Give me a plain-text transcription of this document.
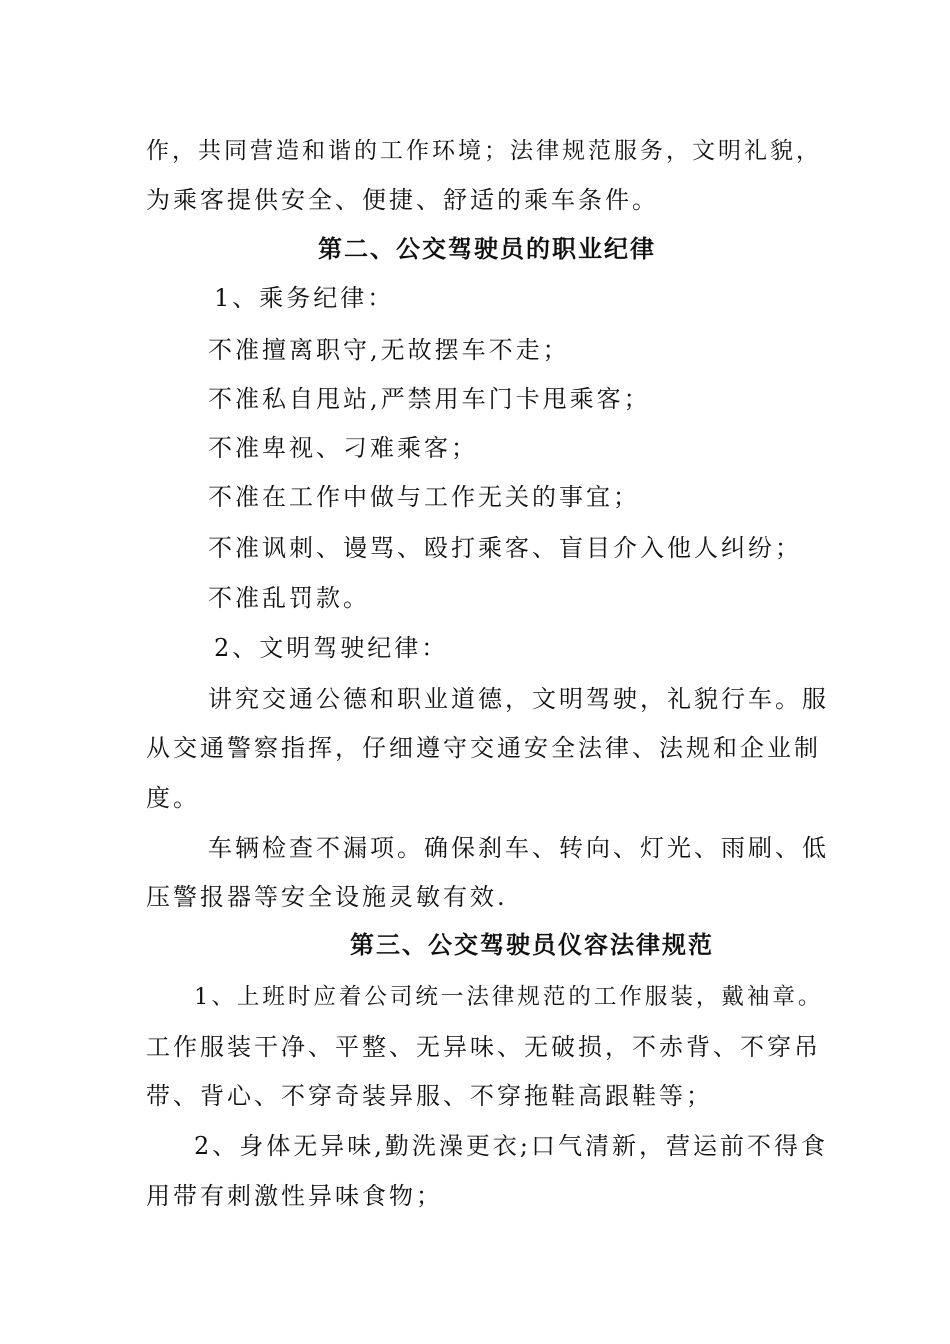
作，共同营造和谐的工作环境；法律规范服务，文明礼貌，
为乘客提供安全、便捷、舒适的乘车条件。
第二、公交驾驶员的职业纪律
1、乘务纪律：
不准擅离职守,无故摆车不走；
不准私自甩站,严禁用车门卡甩乘客；
不准卑视、刁难乘客；
不准在工作中做与工作无关的事宜；
不准讽刺、谩骂、殴打乘客、盲目介入他人纠纷；
不准乱罚款。
2、文明驾驶纪律：
讲究交通公德和职业道德，文明驾驶，礼貌行车。服
从交通警察指挥，仔细遵守交通安全法律、法规和企业制
度。
车辆检查不漏项。确保刹车、转向、灯光、雨刷、低
压警报器等安全设施灵敏有效.
第三、公交驾驶员仪容法律规范
1、上班时应着公司统一法律规范的工作服装，戴袖章。
工作服装干净、平整、无异味、无破损，不赤背、不穿吊
带、背心、不穿奇装异服、不穿拖鞋高跟鞋等；
2、身体无异味,勤洗澡更衣;口气清新，营运前不得食
用带有刺激性异味食物；
